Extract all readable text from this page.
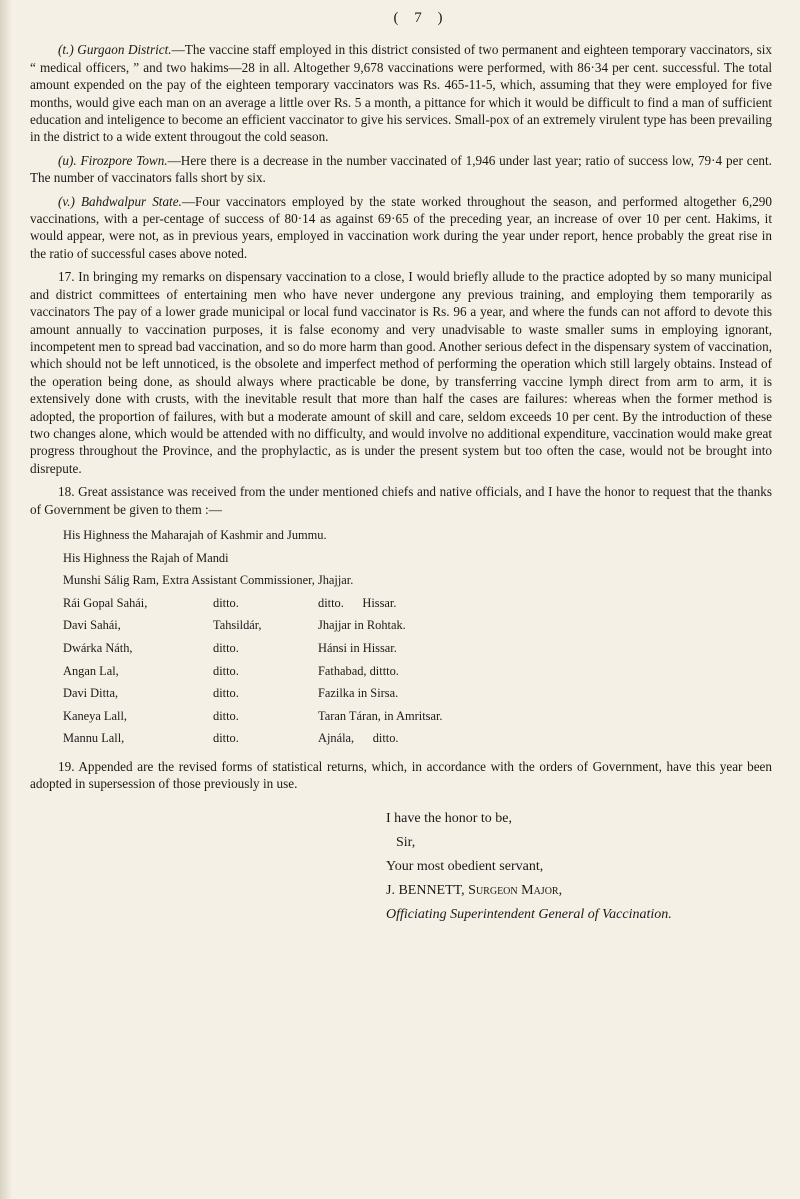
( 7 )

(t.) Gurgaon District.—The vaccine staff employed in this district consisted of two permanent and eighteen temporary vaccinators, six “ medical officers, ” and two hakims—28 in all. Altogether 9,678 vaccinations were performed, with 86·34 per cent. successful. The total amount expended on the pay of the eighteen temporary vaccinators was Rs. 465-11-5, which, assuming that they were employed for five months, would give each man on an average a little over Rs. 5 a month, a pittance for which it would be difficult to find a man of sufficient education and inteligence to become an efficient vaccinator to give his services. Small-pox of an extremely virulent type has been prevailing in the district to a wide extent througout the cold season.

(u). Firozpore Town.—Here there is a decrease in the number vaccinated of 1,946 under last year; ratio of success low, 79·4 per cent. The number of vaccinators falls short by six.

(v.) Bahdwalpur State.—Four vaccinators employed by the state worked throughout the season, and performed altogether 6,290 vaccinations, with a per-centage of success of 80·14 as against 69·65 of the preceding year, an increase of over 10 per cent. Hakims, it would appear, were not, as in previous years, employed in vaccination work during the year under report, hence probably the great rise in the ratio of successful cases above noted.

17. In bringing my remarks on dispensary vaccination to a close, I would briefly allude to the practice adopted by so many municipal and district committees of entertaining men who have never undergone any previous training, and employing them temporarily as vaccinators The pay of a lower grade municipal or local fund vaccinator is Rs. 96 a year, and where the funds can not afford to devote this amount annually to vaccination purposes, it is false economy and very unadvisable to waste smaller sums in employing ignorant, incompetent men to spread bad vaccination, and so do more harm than good. Another serious defect in the dispensary system of vaccination, which should not be left unnoticed, is the obsolete and imperfect method of performing the operation which still largely obtains. Instead of the operation being done, as should always where practicable be done, by transferring vaccine lymph direct from arm to arm, it is extensively done with crusts, with the inevitable result that more than half the cases are failures: whereas when the former method is adopted, the proportion of failures, with but a moderate amount of skill and care, seldom exceeds 10 per cent. By the introduction of these two changes alone, which would be attended with no difficulty, and would involve no additional expenditure, vaccination would make great progress throughout the Province, and the prophylactic, as is under the present system but too often the case, would not be brought into disrepute.

18. Great assistance was received from the under mentioned chiefs and native officials, and I have the honor to request that the thanks of Government be given to them :—

His Highness the Maharajah of Kashmir and Jummu.
His Highness the Rajah of Mandi
Munshi Sálig Ram, Extra Assistant Commissioner, Jhajjar.
Rái Gopal Sahái,	ditto.	ditto.      Hissar.
Davi Sahái,	Tahsildár,	Jhajjar in Rohtak.
Dwárka Náth,	ditto.	Hánsi in Hissar.
Angan Lal,	ditto.	Fathabad, dittto.
Davi Ditta,	ditto.	Fazilka in Sirsa.
Kaneya Lall,	ditto.	Taran Táran, in Amritsar.
Mannu Lall,	ditto.	Ajnála,      ditto.

19. Appended are the revised forms of statistical returns, which, in accordance with the orders of Government, have this year been adopted in supersession of those previously in use.

I have the honor to be,
Sir,
Your most obedient servant,
J. BENNETT, Surgeon Major,
Officiating Superintendent General of Vaccination.
